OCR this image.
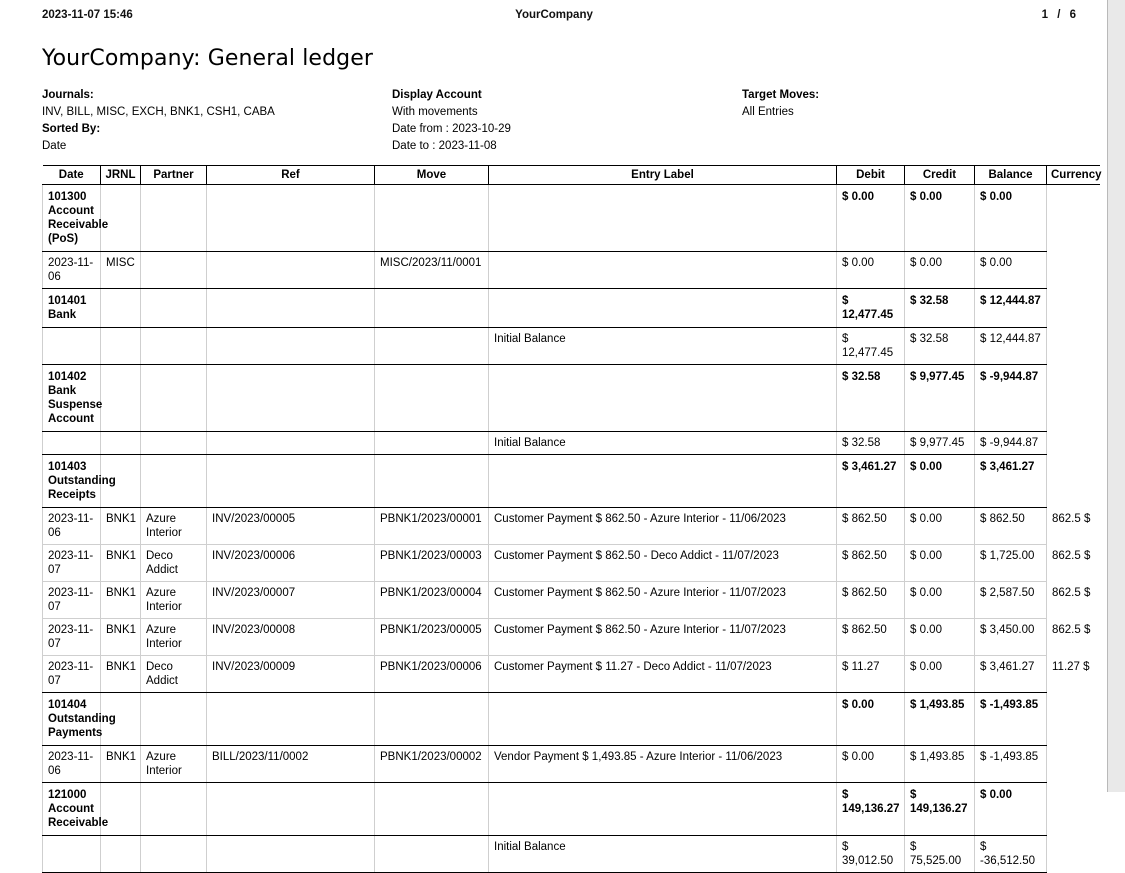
2023-11-07 15:46	YourCompany	1 / 6
YourCompany: General ledger
Journals:
INV, BILL, MISC, EXCH, BNK1, CSH1, CABA
Sorted By:
Date
Display Account
With movements
Date from : 2023-10-29
Date to : 2023-11-08
Target Moves:
All Entries
Date	JRNL	Partner	Ref	Move	Entry Label	Debit	Credit	Balance	Currency
101300 Account Receivable (PoS)						$ 0.00	$ 0.00	$ 0.00	
2023-11-06	MISC			MISC/2023/11/0001		$ 0.00	$ 0.00	$ 0.00	
101401 Bank						$ 12,477.45	$ 32.58	$ 12,444.87	
					Initial Balance	$ 12,477.45	$ 32.58	$ 12,444.87	
101402 Bank Suspense Account						$ 32.58	$ 9,977.45	$ -9,944.87	
					Initial Balance	$ 32.58	$ 9,977.45	$ -9,944.87	
101403 Outstanding Receipts						$ 3,461.27	$ 0.00	$ 3,461.27	
2023-11-06	BNK1	Azure Interior	INV/2023/00005	PBNK1/2023/00001	Customer Payment $ 862.50 - Azure Interior - 11/06/2023	$ 862.50	$ 0.00	$ 862.50	862.5 $
2023-11-07	BNK1	Deco Addict	INV/2023/00006	PBNK1/2023/00003	Customer Payment $ 862.50 - Deco Addict - 11/07/2023	$ 862.50	$ 0.00	$ 1,725.00	862.5 $
2023-11-07	BNK1	Azure Interior	INV/2023/00007	PBNK1/2023/00004	Customer Payment $ 862.50 - Azure Interior - 11/07/2023	$ 862.50	$ 0.00	$ 2,587.50	862.5 $
2023-11-07	BNK1	Azure Interior	INV/2023/00008	PBNK1/2023/00005	Customer Payment $ 862.50 - Azure Interior - 11/07/2023	$ 862.50	$ 0.00	$ 3,450.00	862.5 $
2023-11-07	BNK1	Deco Addict	INV/2023/00009	PBNK1/2023/00006	Customer Payment $ 11.27 - Deco Addict - 11/07/2023	$ 11.27	$ 0.00	$ 3,461.27	11.27 $
101404 Outstanding Payments						$ 0.00	$ 1,493.85	$ -1,493.85	
2023-11-06	BNK1	Azure Interior	BILL/2023/11/0002	PBNK1/2023/00002	Vendor Payment $ 1,493.85 - Azure Interior - 11/06/2023	$ 0.00	$ 1,493.85	$ -1,493.85	
121000 Account Receivable						$ 149,136.27	$ 149,136.27	$ 0.00	
					Initial Balance	$ 39,012.50	$ 75,525.00	$ -36,512.50	
